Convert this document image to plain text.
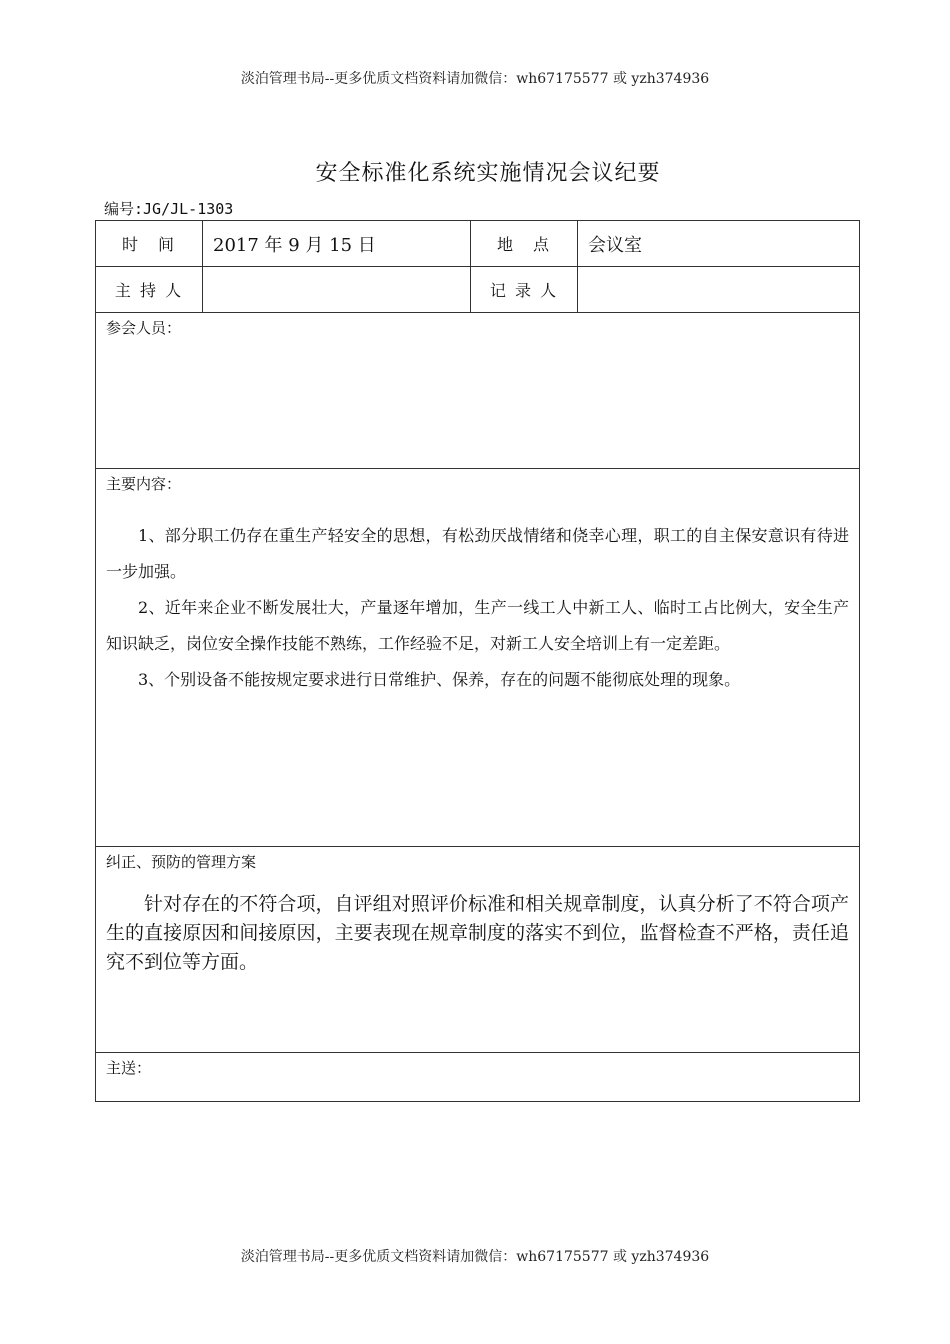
淡泊管理书局--更多优质文档资料请加微信：wh67175577 或 yzh374936
安全标准化系统实施情况会议纪要
编号:JG/JL-1303
时　间	2017 年 9 月 15 日	地　点	会议室
主 持 人		记 录 人	

参会人员：			

主要内容：

1、部分职工仍存在重生产轻安全的思想，有松劲厌战情绪和侥幸心理，职工的自主保安意识有待进一步加强。

2、近年来企业不断发展壮大，产量逐年增加，生产一线工人中新工人、临时工占比例大，安全生产知识缺乏，岗位安全操作技能不熟练，工作经验不足，对新工人安全培训上有一定差距。

3、个别设备不能按规定要求进行日常维护、保养，存在的问题不能彻底处理的现象。			

纠正、预防的管理方案

针对存在的不符合项，自评组对照评价标准和相关规章制度，认真分析了不符合项产生的直接原因和间接原因，主要表现在规章制度的落实不到位，监督检查不严格，责任追究不到位等方面。			

主送：			
淡泊管理书局--更多优质文档资料请加微信：wh67175577 或 yzh374936
